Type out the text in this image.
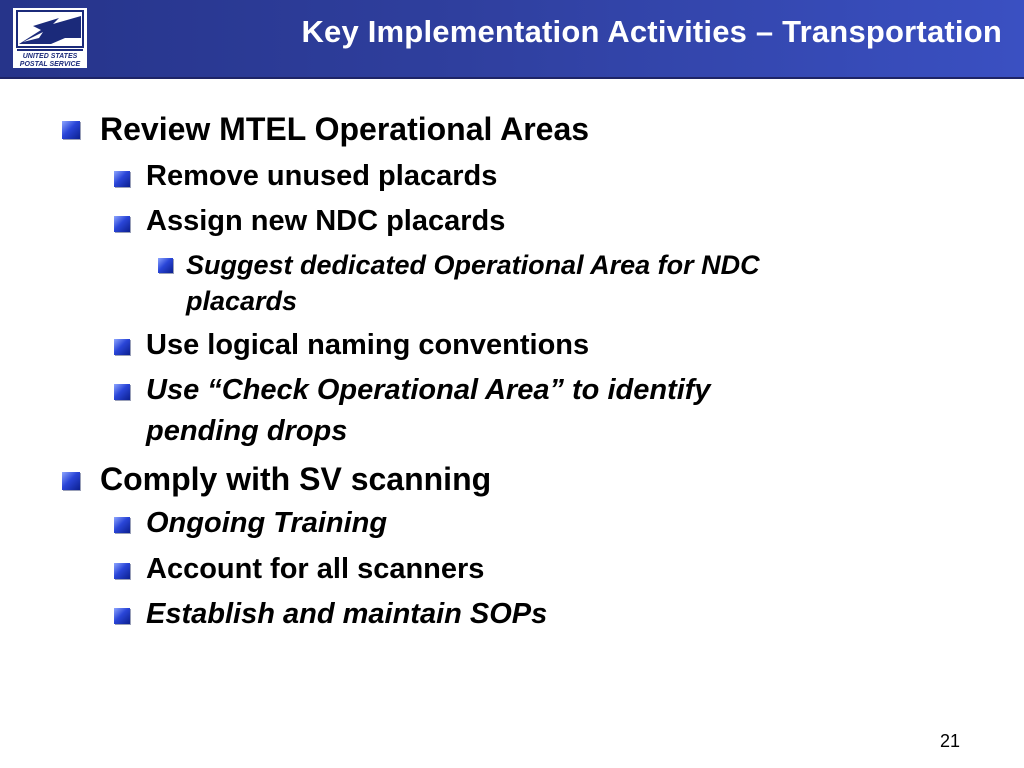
UNITED STATES
POSTAL SERVICE
Key Implementation Activities – Transportation
Review MTEL Operational Areas
Remove unused placards
Assign new NDC placards
Suggest dedicated Operational Area for NDC
placards
Use logical naming conventions
Use “Check Operational Area” to identify
pending drops
Comply with SV scanning
Ongoing Training
Account for all scanners
Establish and maintain SOPs
21
